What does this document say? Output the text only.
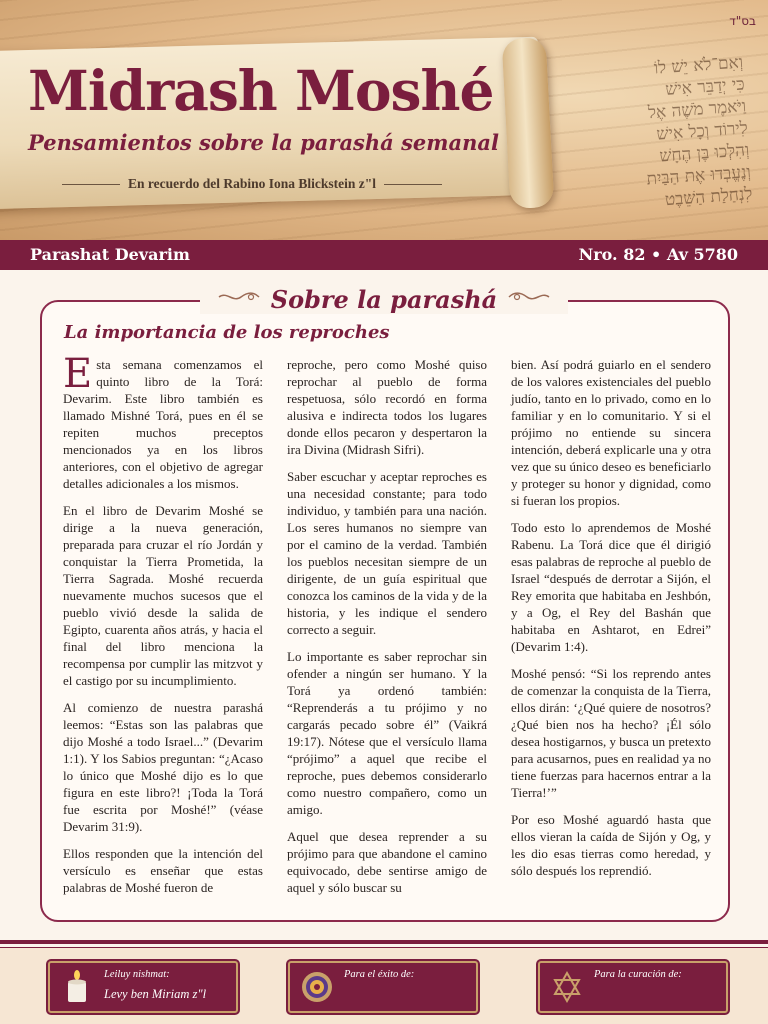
וְאִם־לֹא יֵשׁ לוֹ
כִּי יְדַבֵּר אִישׁ
וַיֹּאמֶר מֹשֶׁה אֶל
לִירוֹד וְכָל אִישׁ
וְהִלְּכוּ בֶּן הֶחָשׁ
וְנֶעֱבְדוּ אֶת הַבַּיִת
לִנְחַלַת הַשֵּׁבֶט
בס"ד
Midrash Moshé
Pensamientos sobre la parashá semanal
En recuerdo del Rabino Iona Blickstein z"l
Parashat Devarim	Nro. 82 • Av 5780
Sobre la parashá
La importancia de los reproches

Esta semana comenzamos el quinto libro de la Torá: Devarim. Este libro también es llamado Mishné Torá, pues en él se repiten muchos preceptos mencionados ya en los libros anteriores, con el objetivo de agregar detalles adicionales a los mismos.

En el libro de Devarim Moshé se dirige a la nueva generación, preparada para cruzar el río Jordán y conquistar la Tierra Prometida, la Tierra Sagrada. Moshé recuerda nuevamente muchos sucesos que el pueblo vivió desde la salida de Egipto, cuarenta años atrás, y hacia el final del libro menciona la recompensa por cumplir las mitzvot y el castigo por su incumplimiento.

Al comienzo de nuestra parashá leemos: “Estas son las palabras que dijo Moshé a todo Israel...” (Devarim 1:1). Y los Sabios preguntan: “¿Acaso lo único que Moshé dijo es lo que figura en este libro?! ¡Toda la Torá fue escrita por Moshé!” (véase Devarim 31:9).

Ellos responden que la intención del versículo es enseñar que estas palabras de Moshé fueron de

reproche, pero como Moshé quiso reprochar al pueblo de forma respetuosa, sólo recordó en forma alusiva e indirecta todos los lugares donde ellos pecaron y despertaron la ira Divina (Midrash Sifri).

Saber escuchar y aceptar reproches es una necesidad constante; para todo individuo, y también para una nación. Los seres humanos no siempre van por el camino de la verdad. También los pueblos necesitan siempre de un dirigente, de un guía espiritual que conozca los caminos de la vida y de la historia, y les indique el sendero correcto a seguir.

Lo importante es saber reprochar sin ofender a ningún ser humano. Y la Torá ya ordenó también: “Reprenderás a tu prójimo y no cargarás pecado sobre él” (Vaikrá 19:17). Nótese que el versículo llama “prójimo” a aquel que recibe el reproche, pues debemos considerarlo como nuestro compañero, como un amigo.

Aquel que desea reprender a su prójimo para que abandone el camino equivocado, debe sentirse amigo de aquel y sólo buscar su

bien. Así podrá guiarlo en el sendero de los valores existenciales del pueblo judío, tanto en lo privado, como en lo familiar y en lo comunitario. Y si el prójimo no entiende su sincera intención, deberá explicarle una y otra vez que su único deseo es beneficiarlo y proteger su honor y dignidad, como si fueran los propios.

Todo esto lo aprendemos de Moshé Rabenu. La Torá dice que él dirigió esas palabras de reproche al pueblo de Israel “después de derrotar a Sijón, el Rey emorita que habitaba en Jeshbón, y a Og, el Rey del Bashán que habitaba en Ashtarot, en Edrei” (Devarim 1:4).

Moshé pensó: “Si los reprendo antes de comenzar la conquista de la Tierra, ellos dirán: ‘¿Qué quiere de nosotros? ¿Qué bien nos ha hecho? ¡Él sólo desea hostigarnos, y busca un pretexto para acusarnos, pues en realidad ya no tiene fuerzas para hacernos entrar a la Tierra!’”

Por eso Moshé aguardó hasta que ellos vieran la caída de Sijón y Og, y les dio esas tierras como heredad, y sólo después los reprendió.

Leiluy nishmat:
Levy ben Miriam z"l
Para el éxito de:	Para la curación de:
